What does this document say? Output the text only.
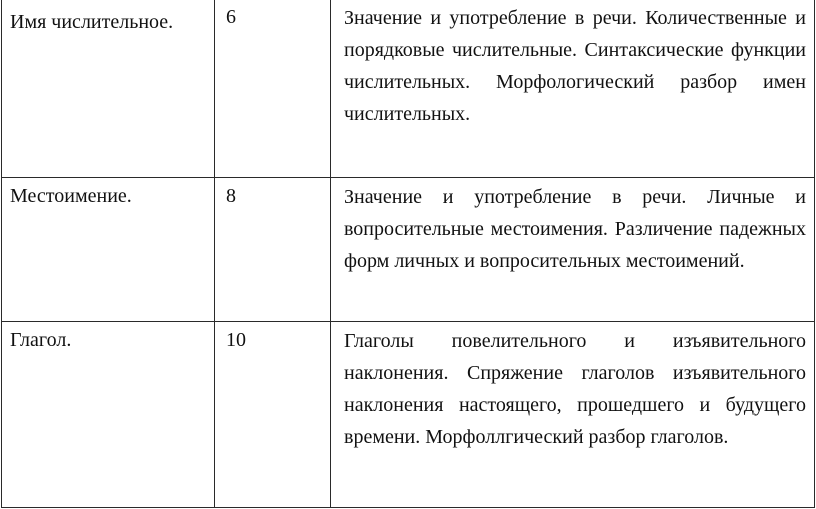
Имя числительное.	6	Значение и употребление в речи. Количественные и порядковые числительные. Синтаксические функции числительных. Морфологический разбор имен числительных.
Местоимение.	8	Значение и употребление в речи. Личные и вопросительные местоимения. Различение падежных форм личных и вопросительных местоимений.
Глагол.	10	Глаголы повелительного и изъявительного наклонения. Спряжение глаголов изъявительного наклонения настоящего, прошедшего и будущего времени. Морфоллгический разбор глаголов.
